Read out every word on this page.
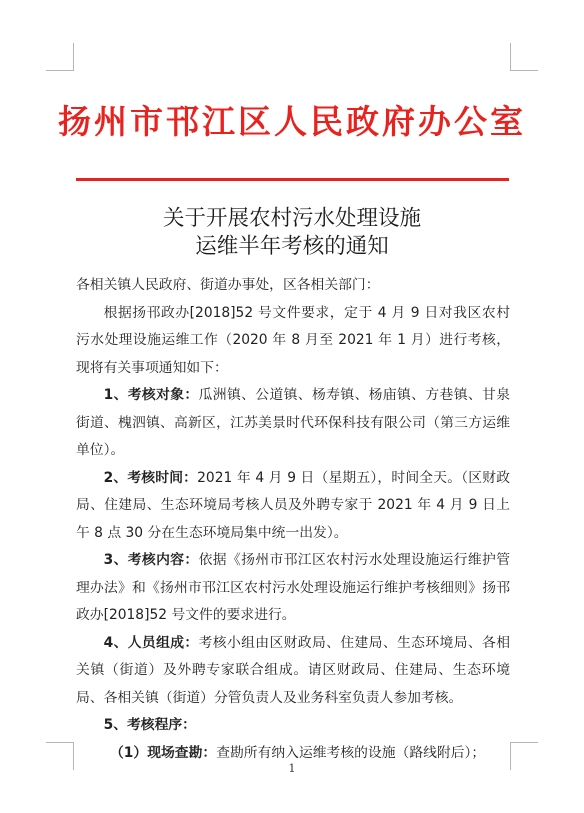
扬州市邗江区人民政府办公室
关于开展农村污水处理设施
运维半年考核的通知

各相关镇人民政府、街道办事处，区各相关部门：

根据扬邗政办[2018]52 号文件要求，定于 4 月 9 日对我区农村污水处理设施运维工作（2020 年 8 月至 2021 年 1 月）进行考核，现将有关事项通知如下：

1、考核对象：瓜洲镇、公道镇、杨寿镇、杨庙镇、方巷镇、甘泉街道、槐泗镇、高新区，江苏美景时代环保科技有限公司（第三方运维单位）。

2、考核时间：2021 年 4 月 9 日（星期五），时间全天。（区财政局、住建局、生态环境局考核人员及外聘专家于 2021 年 4 月 9 日上午 8 点 30 分在生态环境局集中统一出发）。

3、考核内容：依据《扬州市邗江区农村污水处理设施运行维护管理办法》和《扬州市邗江区农村污水处理设施运行维护考核细则》扬邗政办[2018]52 号文件的要求进行。

4、人员组成：考核小组由区财政局、住建局、生态环境局、各相关镇（街道）及外聘专家联合组成。请区财政局、住建局、生态环境局、各相关镇（街道）分管负责人及业务科室负责人参加考核。

5、考核程序：

（1）现场查勘：查勘所有纳入运维考核的设施（路线附后）；

1
